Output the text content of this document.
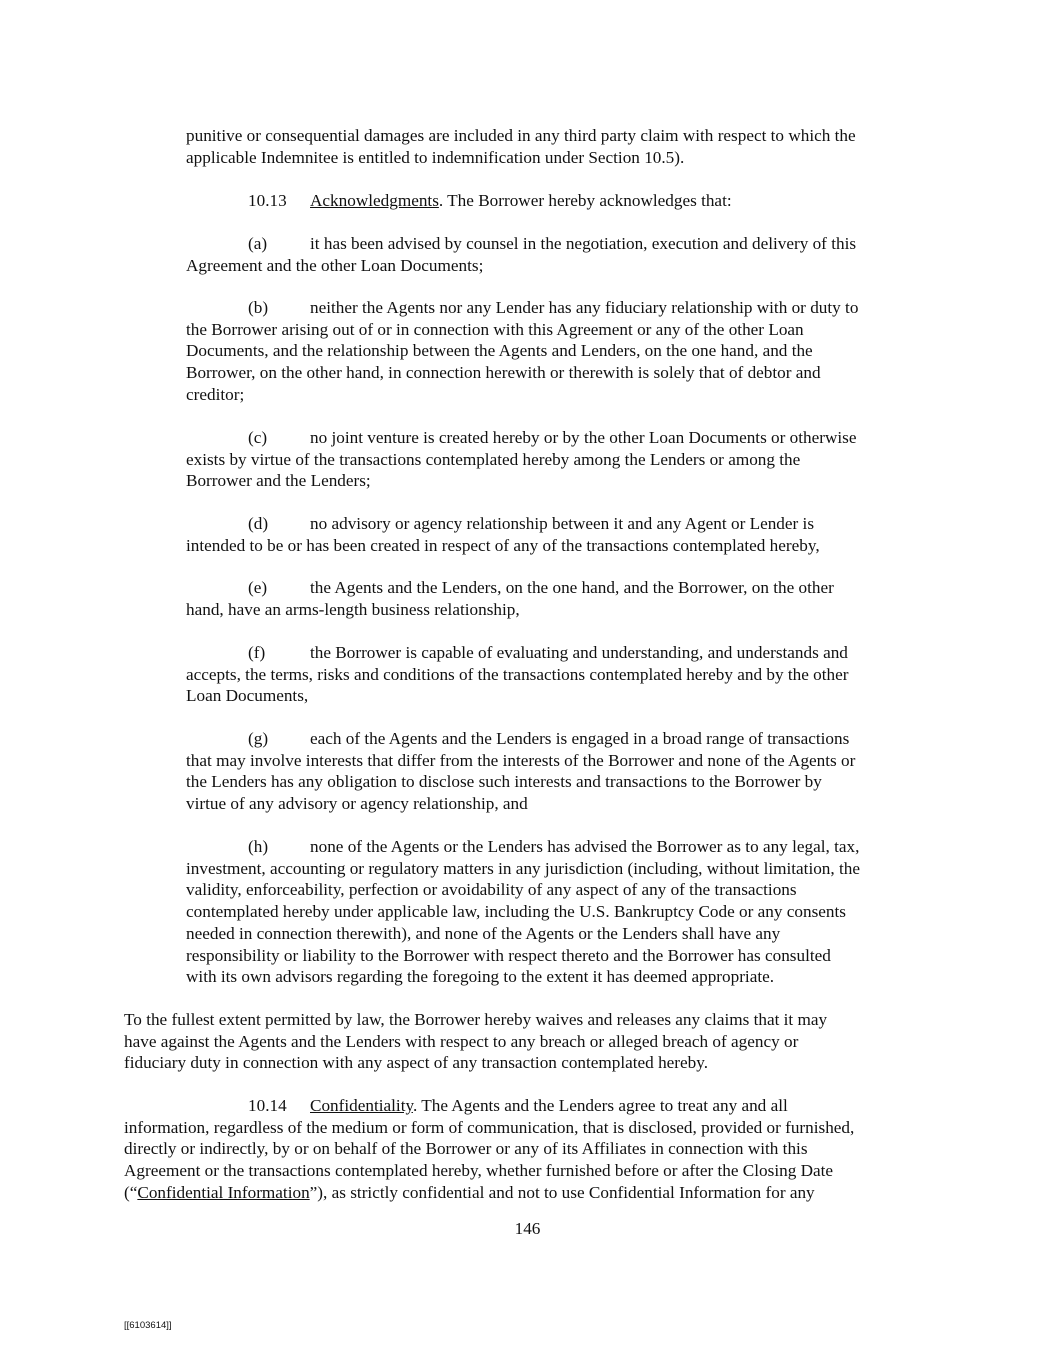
punitive or consequential damages are included in any third party claim with respect to which the
applicable Indemnitee is entitled to indemnification under Section 10.5).

10.13 Acknowledgments. The Borrower hereby acknowledges that:

(a) it has been advised by counsel in the negotiation, execution and delivery of this
Agreement and the other Loan Documents;

(b) neither the Agents nor any Lender has any fiduciary relationship with or duty to
the Borrower arising out of or in connection with this Agreement or any of the other Loan
Documents, and the relationship between the Agents and Lenders, on the one hand, and the
Borrower, on the other hand, in connection herewith or therewith is solely that of debtor and
creditor;

(c) no joint venture is created hereby or by the other Loan Documents or otherwise
exists by virtue of the transactions contemplated hereby among the Lenders or among the
Borrower and the Lenders;

(d) no advisory or agency relationship between it and any Agent or Lender is
intended to be or has been created in respect of any of the transactions contemplated hereby,

(e) the Agents and the Lenders, on the one hand, and the Borrower, on the other
hand, have an arms-length business relationship,

(f)	the Borrower is capable of evaluating and understanding, and understands and
accepts, the terms, risks and conditions of the transactions contemplated hereby and by the other
Loan Documents,

(g) each of the Agents and the Lenders is engaged in a broad range of transactions
that may involve interests that differ from the interests of the Borrower and none of the Agents or
the Lenders has any obligation to disclose such interests and transactions to the Borrower by
virtue of any advisory or agency relationship, and

(h) none of the Agents or the Lenders has advised the Borrower as to any legal, tax,
investment, accounting or regulatory matters in any jurisdiction (including, without limitation, the
validity, enforceability, perfection or avoidability of any aspect of any of the transactions
contemplated hereby under applicable law, including the U.S. Bankruptcy Code or any consents
needed in connection therewith), and none of the Agents or the Lenders shall have any
responsibility or liability to the Borrower with respect thereto and the Borrower has consulted
with its own advisors regarding the foregoing to the extent it has deemed appropriate.

To the fullest extent permitted by law, the Borrower hereby waives and releases any claims that it may
have against the Agents and the Lenders with respect to any breach or alleged breach of agency or
fiduciary duty in connection with any aspect of any transaction contemplated hereby.

10.14 Confidentiality. The Agents and the Lenders agree to treat any and all
information, regardless of the medium or form of communication, that is disclosed, provided or furnished,
directly or indirectly, by or on behalf of the Borrower or any of its Affiliates in connection with this
Agreement or the transactions contemplated hereby, whether furnished before or after the Closing Date
(“Confidential Information”), as strictly confidential and not to use Confidential Information for any

146
[[6103614]]
